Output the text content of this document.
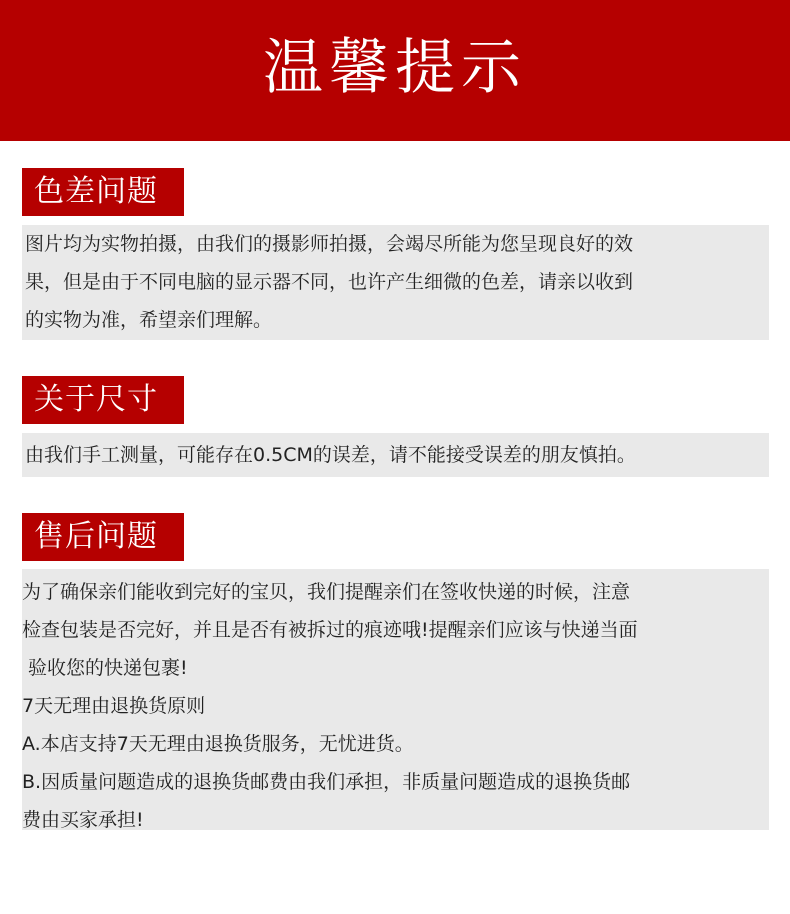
温馨提示
色差问题

图片均为实物拍摄，由我们的摄影师拍摄，会竭尽所能为您呈现良好的效

果，但是由于不同电脑的显示器不同，也许产生细微的色差，请亲以收到

的实物为准，希望亲们理解。

关于尺寸

由我们手工测量，可能存在0.5CM的误差，请不能接受误差的朋友慎拍。

售后问题

为了确保亲们能收到完好的宝贝，我们提醒亲们在签收快递的时候，注意

检查包装是否完好，并且是否有被拆过的痕迹哦!提醒亲们应该与快递当面

验收您的快递包裹!

7天无理由退换货原则

A.本店支持7天无理由退换货服务，无忧进货。

B.因质量问题造成的退换货邮费由我们承担，非质量问题造成的退换货邮

费由买家承担!
